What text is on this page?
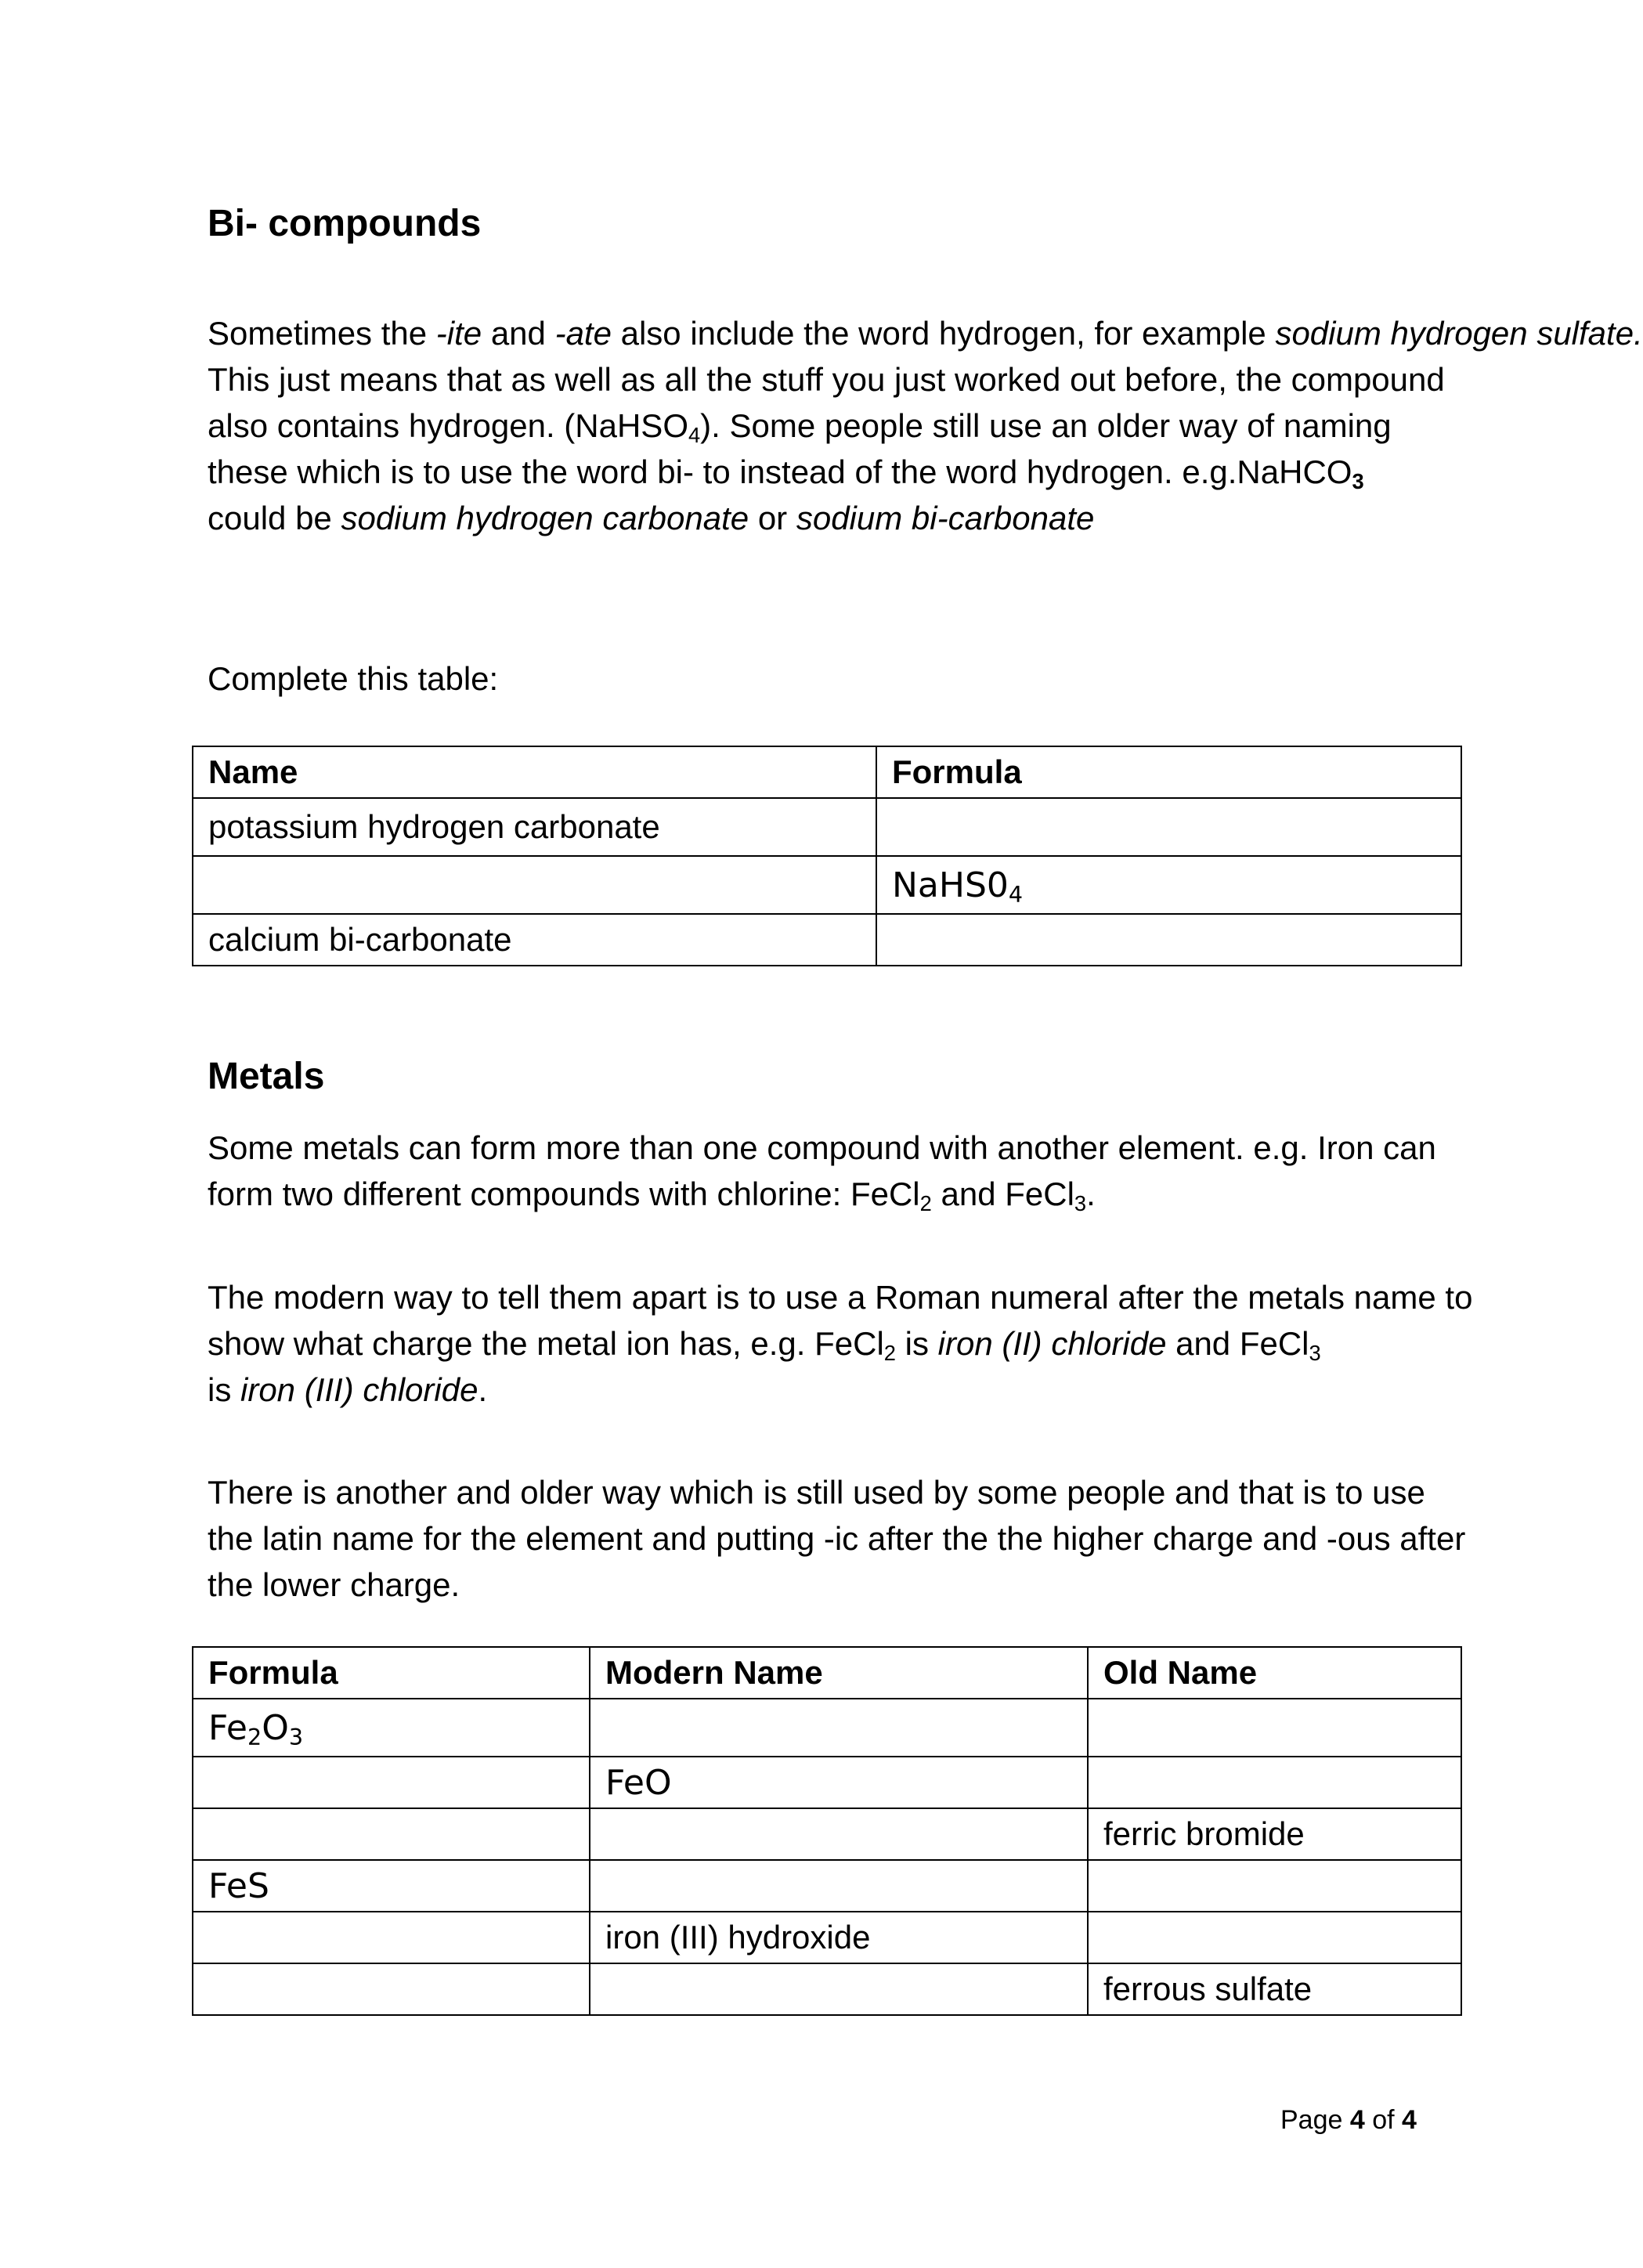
Bi- compounds

Sometimes the -ite and -ate also include the word hydrogen, for example sodium hydrogen sulfate. This just means that as well as all the stuff you just worked out before, the compound also contains hydrogen. (NaHSO$_4$). Some people still use an older way of naming these which is to use the word bi- to instead of the word hydrogen. e.g.NaHCO$_3$ could be sodium hydrogen carbonate or sodium bi-carbonate

Complete this table:

Name	Formula
potassium hydrogen carbonate	
	$NaHS0_4$
calcium bi-carbonate	
Metals

Some metals can form more than one compound with another element. e.g. Iron can form two different compounds with chlorine: FeCl$_2$ and FeCl$_3$.

The modern way to tell them apart is to use a Roman numeral after the metals name to show what charge the metal ion has, e.g. FeCl$_2$ is iron (II) chloride and FeCl$_3$ is iron (III) chloride.

There is another and older way which is still used by some people and that is to use the latin name for the element and putting -ic after the the higher charge and -ous after the lower charge.

Formula	Modern Name	Old Name
$Fe_2O_3$		
	FeO	
		ferric bromide
FeS		
	iron (III) hydroxide	
		ferrous sulfate
Page 4 of 4
